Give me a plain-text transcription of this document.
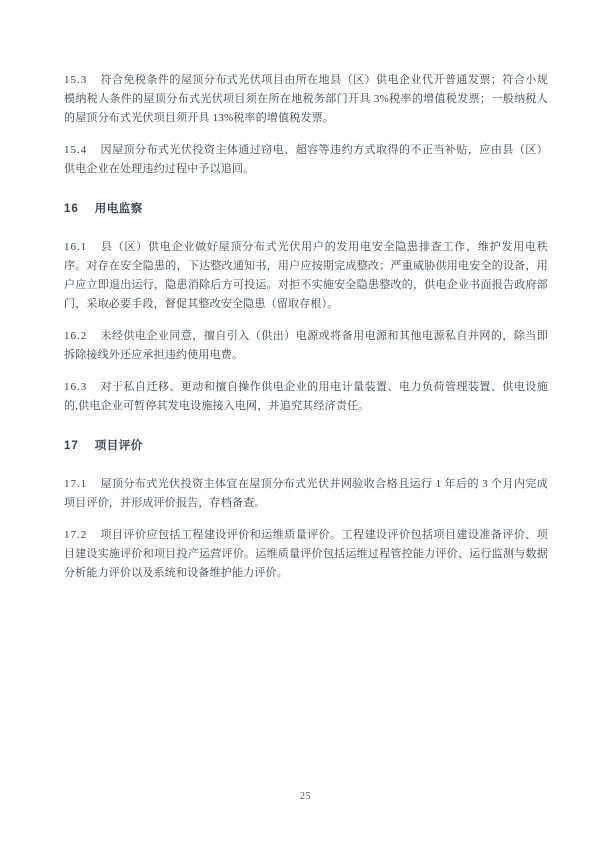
15.3 符合免税条件的屋顶分布式光伏项目由所在地县（区）供电企业代开普通发票；符合小规模纳税人条件的屋顶分布式光伏项目须在所在地税务部门开具 3%税率的增值税发票；一般纳税人的屋顶分布式光伏项目须开具 13%税率的增值税发票。

15.4 因屋顶分布式光伏投资主体通过窃电、超容等违约方式取得的不正当补贴，应由县（区）供电企业在处理违约过程中予以追回。

16 用电监察

16.1 县（区）供电企业做好屋顶分布式光伏用户的发用电安全隐患排查工作，维护发用电秩序。对存在安全隐患的，下达整改通知书，用户应按期完成整改；严重威胁供用电安全的设备，用户应立即退出运行，隐患消除后方可投运。对拒不实施安全隐患整改的，供电企业书面报告政府部门，采取必要手段，督促其整改安全隐患（留取存根）。

16.2 未经供电企业同意，擅自引入（供出）电源或将备用电源和其他电源私自并网的，除当即拆除接线外还应承担违约使用电费。

16.3 对于私自迁移、更动和擅自操作供电企业的用电计量装置、电力负荷管理装置、供电设施的,供电企业可暂停其发电设施接入电网，并追究其经济责任。

17 项目评价

17.1 屋顶分布式光伏投资主体宜在屋顶分布式光伏并网验收合格且运行 1 年后的 3 个月内完成项目评价，并形成评价报告，存档备查。

17.2 项目评价应包括工程建设评价和运维质量评价。工程建设评价包括项目建设准备评价、项目建设实施评价和项目投产运营评价。运维质量评价包括运维过程管控能力评价、运行监测与数据分析能力评价以及系统和设备维护能力评价。

25
